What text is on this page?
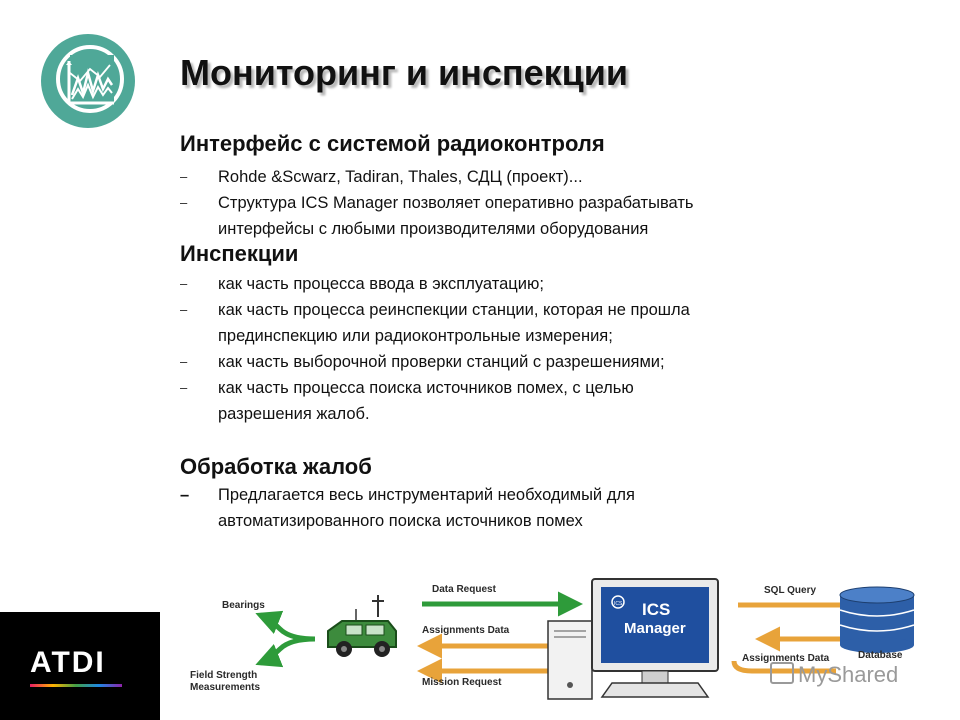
Мониторинг и инспекции

Интерфейс с системой радиоконтроля

–	Rohde &Scwarz, Tadiran, Thales, СДЦ (проект)...
–	Структура ICS Manager позволяет оперативно разрабатывать
интерфейсы с любыми производителями оборудования

Инспекции

–	как часть процесса ввода в эксплуатацию;
–	как часть процесса реинспекции станции, которая не прошла
прединспекцию или радиоконтрольные измерения;
–	как часть выборочной проверки станций с разрешениями;
–	как часть процесса поиска источников помех, с целью
разрешения жалоб.

Обработка жалоб

– Предлагается весь инструментарий необходимый для
автоматизированного поиска источников помех
ATDI
Bearings
Field Strength
Measurements
Data Request
Assignments Data
Mission Request
ICS ICS
Manager
SQL Query
Assignments Data	Database
MyShared
